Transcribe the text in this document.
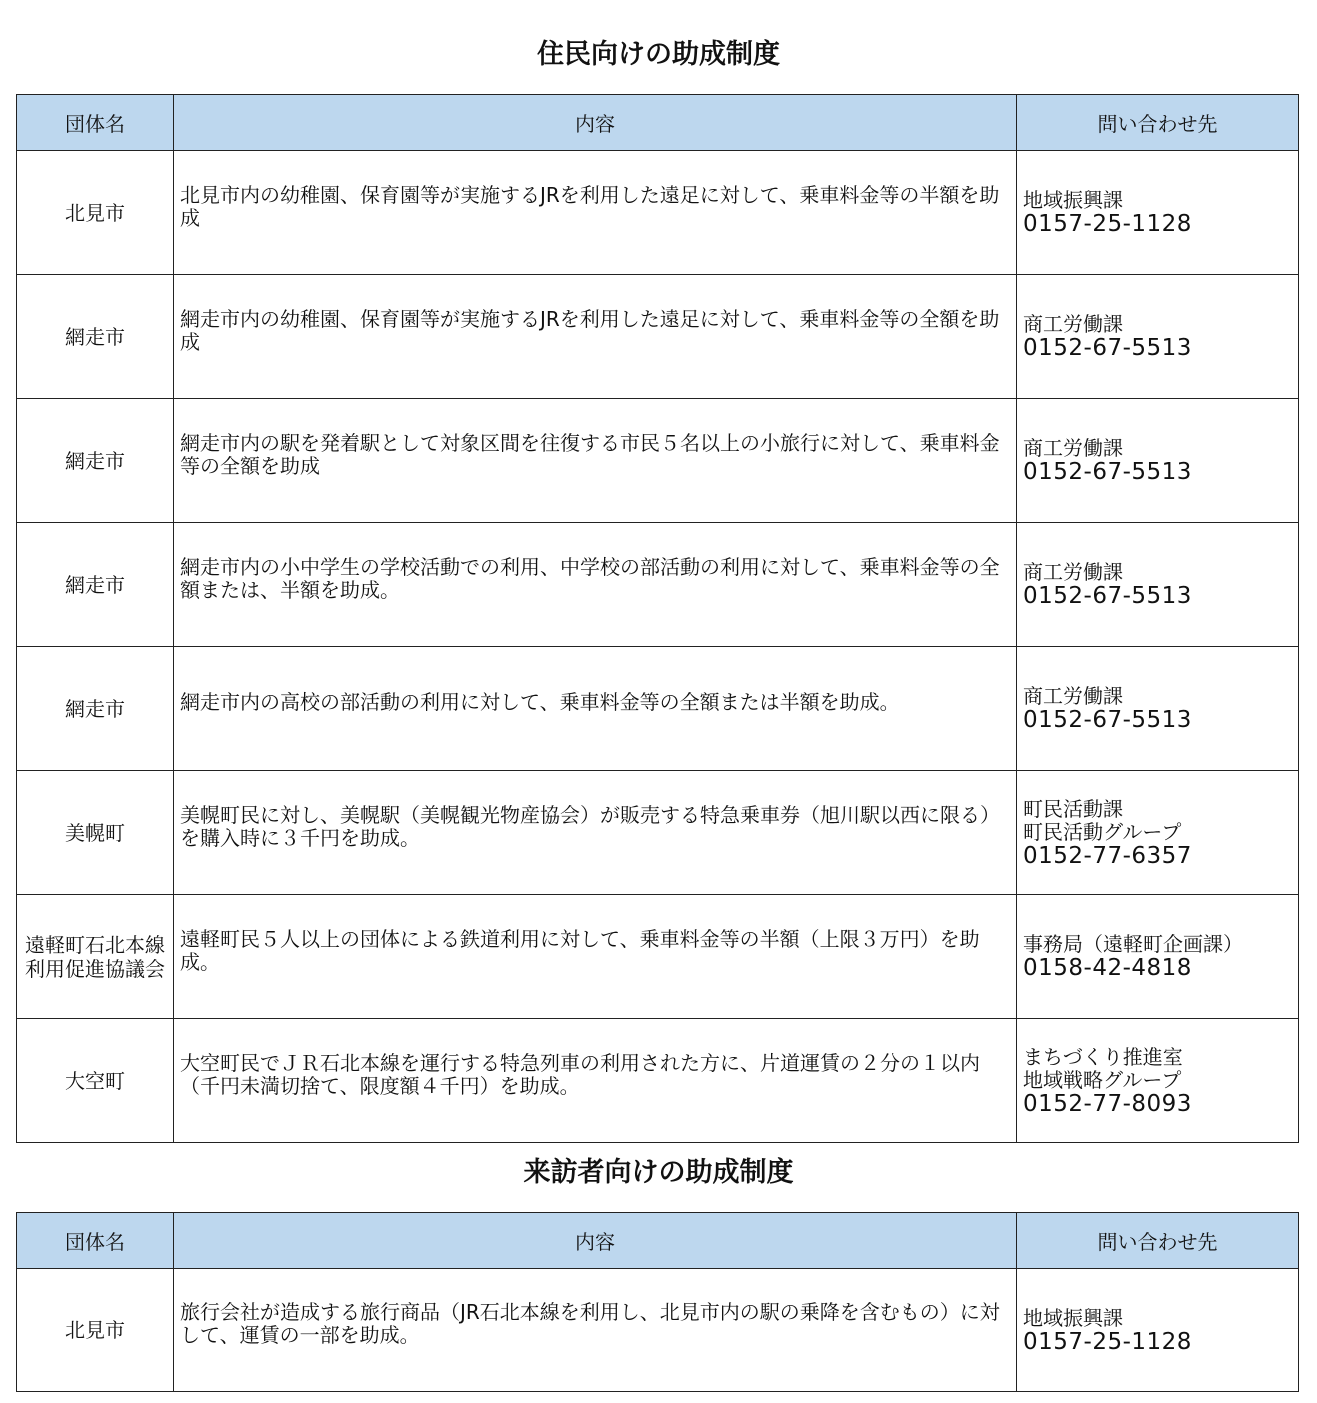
住民向けの助成制度
団体名	内容	問い合わせ先
北見市	北見市内の幼稚園、保育園等が実施するJRを利用した遠足に対して、乗車料金等の半額を助成	地域振興課
0157-25-1128

網走市	網走市内の幼稚園、保育園等が実施するJRを利用した遠足に対して、乗車料金等の全額を助成	商工労働課
0152-67-5513

網走市	網走市内の駅を発着駅として対象区間を往復する市民５名以上の小旅行に対して、乗車料金等の全額を助成	商工労働課
0152-67-5513

網走市	網走市内の小中学生の学校活動での利用、中学校の部活動の利用に対して、乗車料金等の全額または、半額を助成。	商工労働課
0152-67-5513

網走市	網走市内の高校の部活動の利用に対して、乗車料金等の全額または半額を助成。	商工労働課
0152-67-5513

美幌町	美幌町民に対し、美幌駅（美幌観光物産協会）が販売する特急乗車券（旭川駅以西に限る）を購入時に３千円を助成。	町民活動課
町民活動グループ
0152-77-6357

遠軽町石北本線利用促進協議会	遠軽町民５人以上の団体による鉄道利用に対して、乗車料金等の半額（上限３万円）を助成。	事務局（遠軽町企画課）
0158-42-4818

大空町	大空町民でＪＲ石北本線を運行する特急列車の利用された方に、片道運賃の２分の１以内（千円未満切捨て、限度額４千円）を助成。	まちづくり推進室
地域戦略グループ
0152-77-8093
来訪者向けの助成制度
団体名	内容	問い合わせ先
北見市	旅行会社が造成する旅行商品（JR石北本線を利用し、北見市内の駅の乗降を含むもの）に対して、運賃の一部を助成。	地域振興課
0157-25-1128
